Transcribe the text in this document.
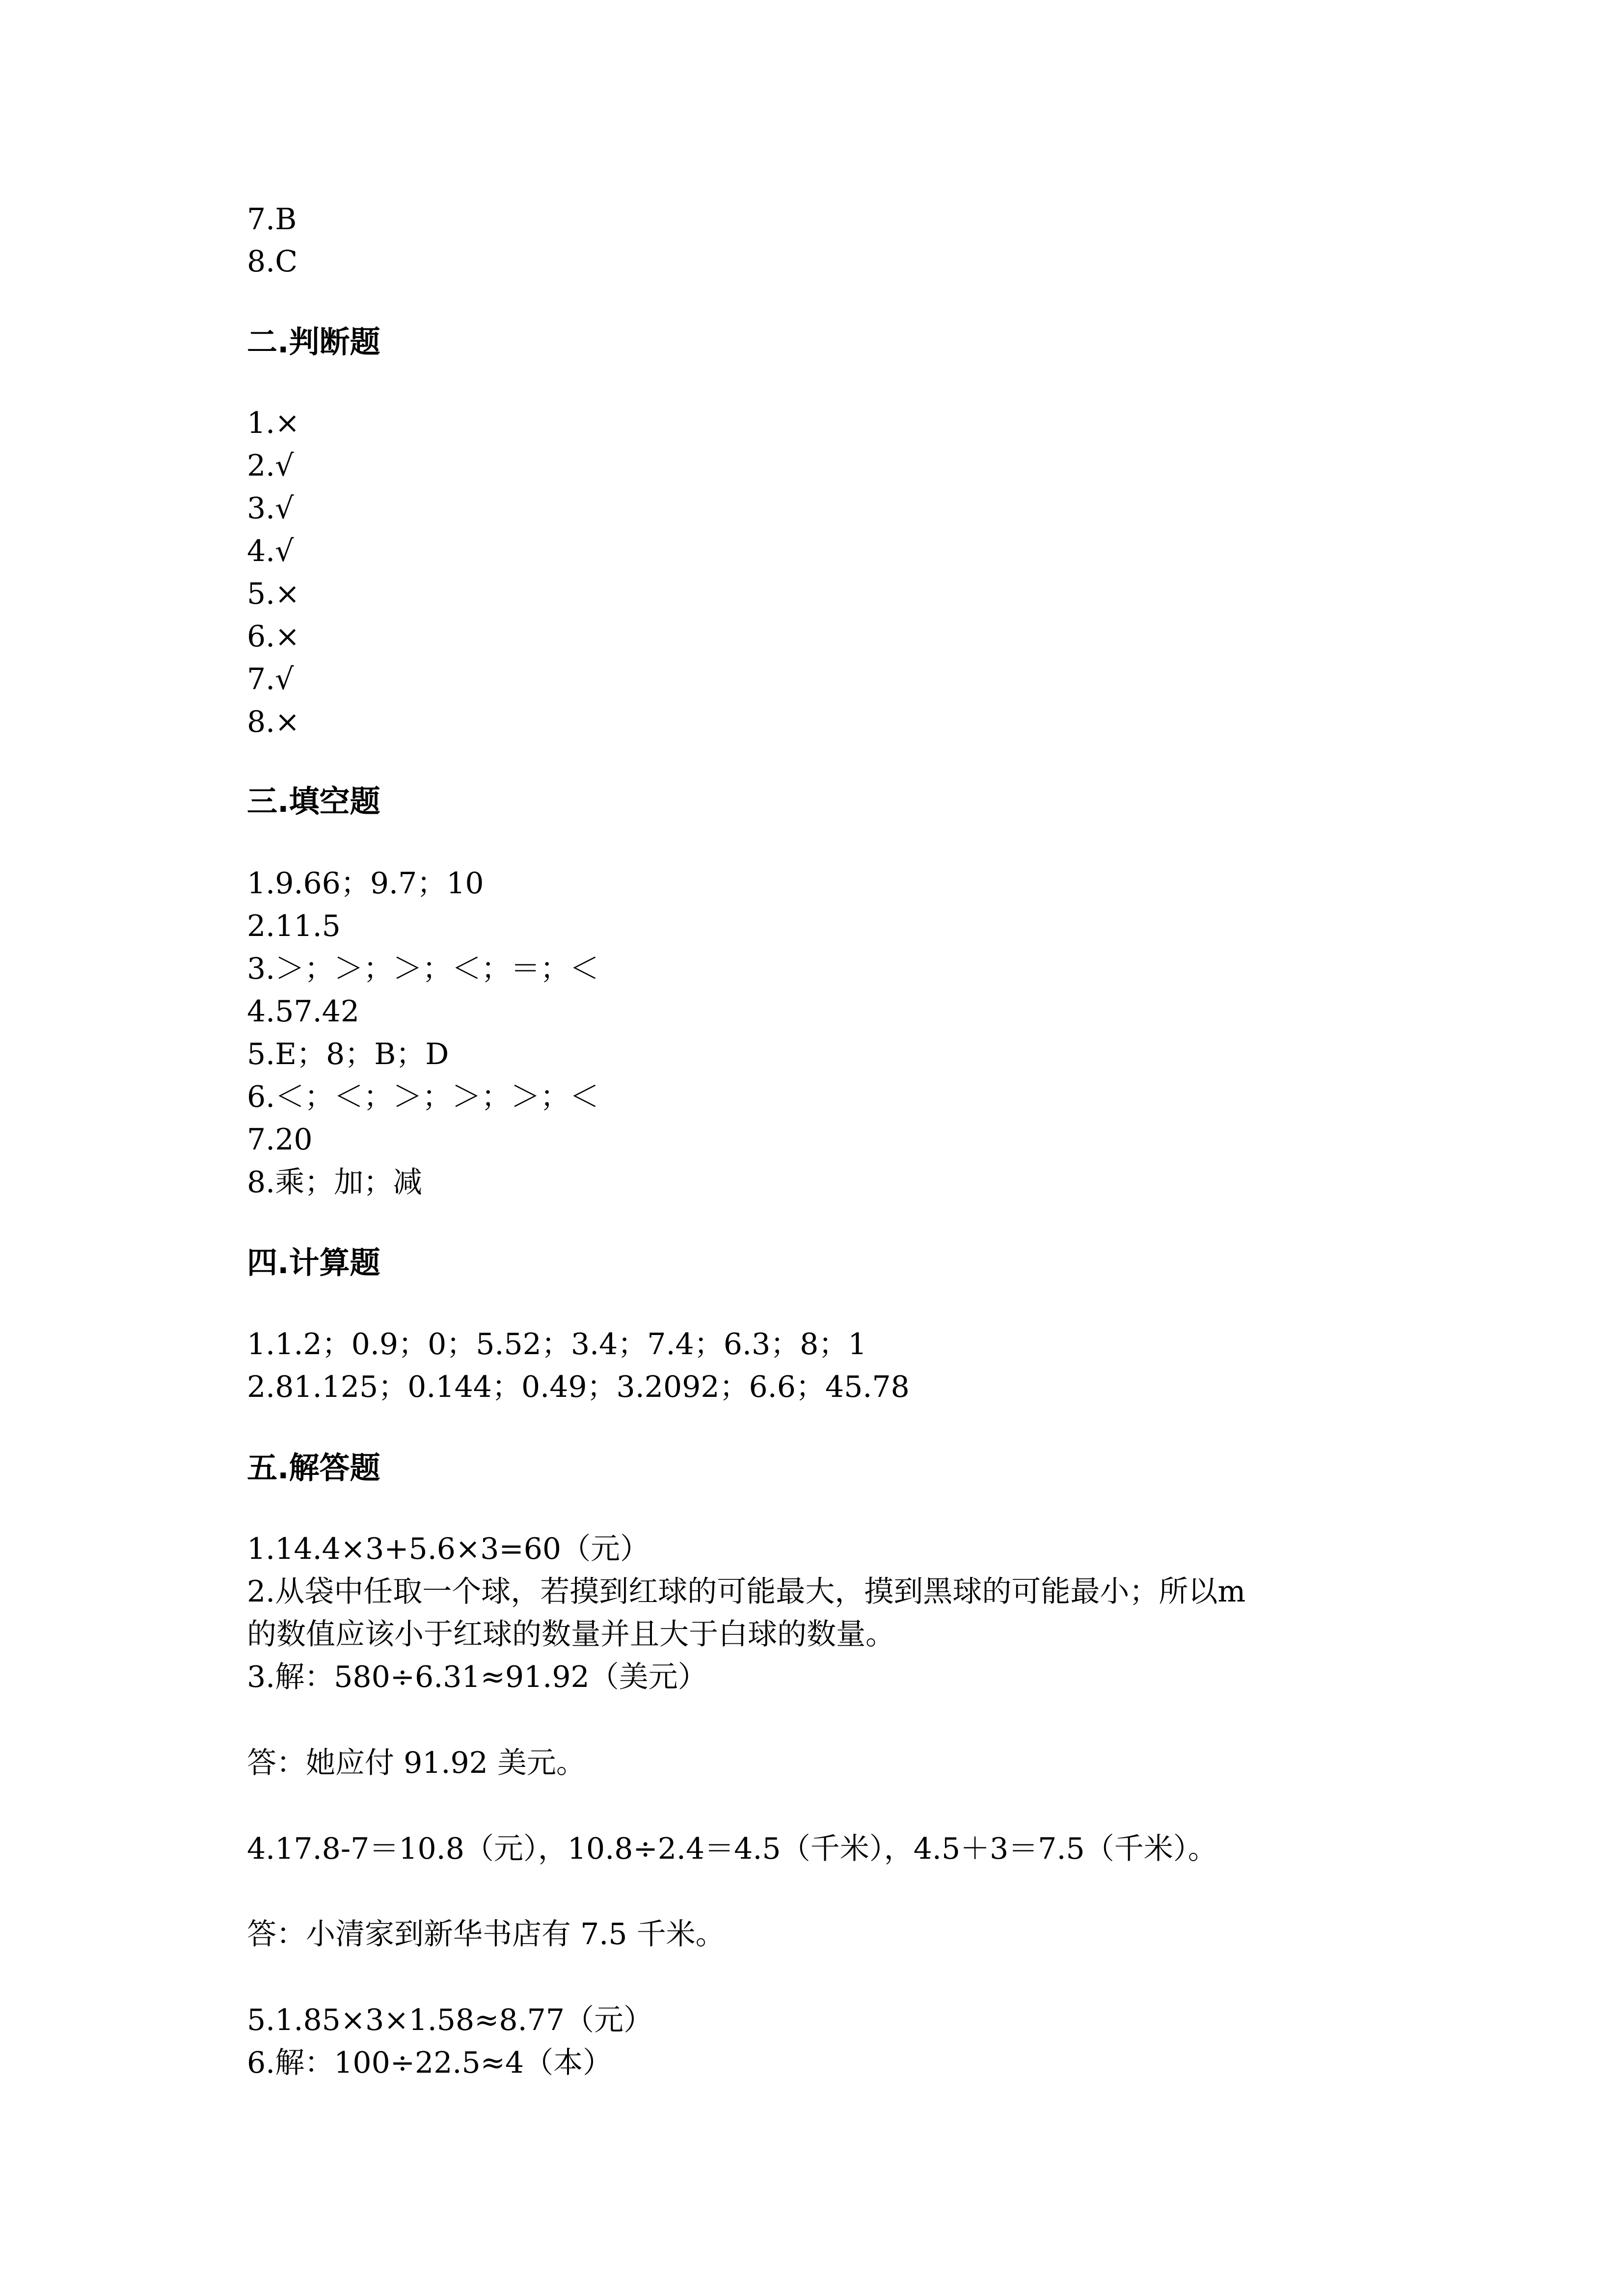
7.B
8.C
二.判断题
1.×
2.√
3.√
4.√
5.×
6.×
7.√
8.×
三.填空题
1.9.66；9.7；10
2.11.5
3.＞；＞；＞；＜；＝；＜
4.57.42
5.E；8；B；D
6.＜；＜；＞；＞；＞；＜
7.20
8.乘；加；减
四.计算题
1.1.2；0.9；0；5.52；3.4；7.4；6.3；8；1
2.81.125；0.144；0.49；3.2092；6.6；45.78
五.解答题
1.14.4×3+5.6×3=60（元）
2.从袋中任取一个球，若摸到红球的可能最大，摸到黑球的可能最小；所以m
的数值应该小于红球的数量并且大于白球的数量。
3.解：580÷6.31≈91.92（美元）
答：她应付 91.92 美元。
4.17.8-7＝10.8（元），10.8÷2.4＝4.5（千米），4.5＋3＝7.5（千米）。
答：小清家到新华书店有 7.5 千米。
5.1.85×3×1.58≈8.77（元）
6.解：100÷22.5≈4（本）
